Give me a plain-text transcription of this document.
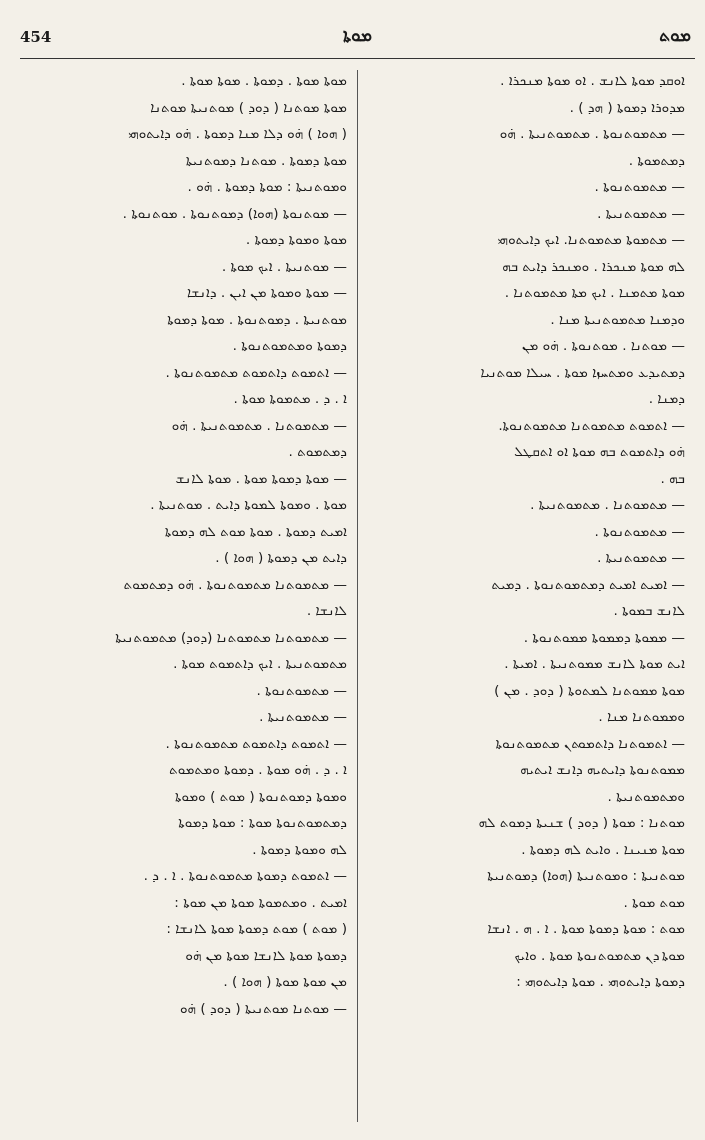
454	ܡܘܬܐ	ܡܘܬ
ܐܘܩܕ ܡܘܬܐ ܠܐܢܫ . ܐܘ ܡܘܬܐ ܡܢܟܪܐ .
ܡܕܘܪܐ ܕܡܘܬܐ ( ܗܕ ) .
— ܡܬܡܘܬܢܘܬܐ . ܡܬܡܘܬܢܝܬܐ . ܗ̇ܘ
ܕܡܬܡܘܬܐ .
— ܡܬܡܘܬܢܘܬܐ .
— ܡܬܡܘܬܢܝܬܐ .
— ܡܬܡܘܬܐ ܡܬܡܘܬܢܐ. ܐܝܟ ܕܐܝܬܘܗܝ
ܠܗ ܡܘܬܐ ܡܢܟܪܐ . ܘܡܢܟܪ ܕܐܝܬ ܒܗ
ܡܘܬܐ ܡܬܡܢܐ . ܐܝܟ ܡܬܐ ܡܬܡܘܬܢܐ .
ܘܕܡܢܐ ܡܬܡܘܬܢܝܬܐ ܡܢܐ .
— ܡܘܬܢܐ . ܡܘܬܢܘܬܐ . ܗ̇ܘ ܡܢ
ܕܡܬܝܕܥ ܘܡܬܚܙܐ ܡܘܬܐ . ܚܝܠܐ ܡܘܬܢܝܐ
ܕܡܢܐ .
— ܐܬܡܘܬ ܡܬܡܘܬܢܐ ܡܬܡܘܬܢܘܬܐ.
ܗ̇ܘ ܕܐܬܡܘܬ ܒܗ ܡܘܬܐ ܐܘ ܐܬܩܛܠ
ܒܗ .
— ܡܬܡܘܬܢܐ . ܡܬܡܘܬܢܝܬܐ .
— ܡܬܡܘܬܢܘܬܐ .
— ܡܬܡܘܬܢܝܬܐ .
— ܐܡܝܬ ܐܡܝܬ ܕܡܬܡܘܬܢܘܬܐ . ܕܡܝܬ
ܠܐܢܫ ܒܡܘܬܐ .
— ܡܡܘܬܐ ܕܡܡܘܬܐ ܡܡܘܬܢܘܬܐ .
ܐܝܬ ܡܘܬܐ ܠܐܢܫ ܡܡܘܬܢܝܬܐ . ܐܡܝܬܐ .
ܡܘܬܐ ܡܡܘܬܢܐ ܠܡܬܘܬܐ ( ܕܘܕ . ܡܢ )
ܘܡܡܘܬܢܐ ܡܢܐ .
— ܐܬܡܘܬܢܐ ܕܐܬܡܘܬܢ ܡܬܡܘܬܢܘܬܐ
ܡܡܘܬܢܘܬܐ ܕܐܝܬܝܗ ܕܐܢܫ ܐܝܬܝܗ
ܘܡܬܡܘܬܢܝܬܐ .
ܡܘܬܢܐ : ܡܘܬܐ ( ܕܘܕ ) ܫܢܝܬܐ ܕܡܘܬ ܠܗ
ܡܘܬܐ ܡܢܝܢܐ . ܘܐܝܬ ܠܗ ܕܡܘܬܐ .
ܡܘܬܢܝܬܐ : ܘܡܘܬܢܝܬܐ (ܗܘܐ) ܕܡܘܬܢܝܬܐ
ܡܘܬ ܡܘܬܐ .
ܡܘܬ : ܡܘܬܐ ܕܡܘܬܐ ܡܘܬܐ . ܐ . ܗ . ܐܢܫܐ
ܡܘܬܐ ܕܢ ܡܬܡܘܬܢܘܬܐ ܡܘܬܐ . ܘܐܝܟ
ܕܡܘܬܐ ܕܐܝܬܘܗܝ . ܡܘܬܐ ܕܐܝܬܘܗܝ :
ܡܘܬܐ ܡܘܬܐ . ܕܡܘܬܐ . ܡܘܬܐ ܡܘܬܐ .
ܡܘܬܐ ܡܘܬܢܐ ( ܕܘܕ ) ܡܘܬܢܝܬܐ ܡܘܬܢܐ
( ܗܘܐ ) ܗ̇ܘ ܕܠܐ ܡܢܐ ܕܡܘܬܐ . ܗ̇ܘ ܕܐܝܬܘܗܝ
ܡܘܬܐ ܕܡܘܬܐ . ܡܘܬܢܐ ܕܡܘܬܢܝܬܐ
ܘܡܘܬܢܝܬܐ : ܡܘܬܐ ܕܡܘܬܐ . ܗ̇ܘ .
— ܡܘܬܢܘܬܐ (ܗܘܐ) ܕܡܘܬܢܘܬܐ . ܡܘܬܢܘܬܐ .
ܡܘܬܐ ܘܡܘܬܐ ܕܡܘܬܐ .
— ܡܘܬܢܝܬܐ . ܐܝܟ ܡܘܬܐ .
— ܡܘܬܐ ܘܡܘܬܐ ܡܢ ܐܝܢ . ܕܐܢܫܐ
ܡܘܬܢܝܬܐ . ܕܡܘܬܢܘܬܐ . ܡܘܬܐ ܕܡܘܬܐ
ܕܡܘܬܐ ܘܡܬܡܘܬܢܘܬܐ .
— ܐܬܡܘܬ ܕܐܬܡܘܬ ܡܬܡܘܬܢܘܬܐ .
ܐ . ܕ . ܡܬܡܘܬܐ ܡܘܬܐ .
— ܡܬܡܘܬܢܐ . ܡܬܡܘܬܢܝܬܐ . ܗ̇ܘ
ܕܡܬܡܘܬ .
— ܡܘܬܐ ܕܡܘܬܐ ܡܘܬܐ . ܡܘܬܐ ܠܐܢܫ
ܡܘܬܐ . ܘܡܘܬܐ ܠܡܘܬܐ ܕܐܝܬ . ܡܘܬܢܝܬܐ .
ܐܡܝܬ ܕܡܘܬܐ . ܡܘܬܐ ܡܘܬ ܠܗ ܕܡܘܬܐ
ܕܐܝܬ ܡܢ ܕܡܘܬܐ ( ܗܘܐ ) .
— ܡܬܡܘܬܢܐ ܡܬܡܘܬܢܘܬܐ . ܗ̇ܘ ܕܡܬܡܘܬ
ܠܐܢܫܐ .
— ܡܬܡܘܬܢܐ ܡܬܡܘܬܢܐ (ܕܘܕ) ܡܬܡܘܬܢܝܬܐ
ܡܬܡܘܬܢܝܬܐ . ܐܝܟ ܕܐܬܡܘܬ ܡܘܬܐ .
— ܡܬܡܘܬܢܘܬܐ .
— ܡܬܡܘܬܢܝܬܐ .
— ܐܬܡܘܬ ܕܐܬܡܘܬ ܡܬܡܘܬܢܘܬܐ .
ܐ . ܕ . ܗ̇ܘ ܡܘܬܐ . ܕܡܘܬܐ ܘܡܬܡܘܬ
ܘܡܘܬܐ ܕܡܘܬܢܘܬܐ ( ܡܘܬ ) ܘܡܘܬܐ
ܕܡܬܡܘܬܢܘܬܐ ܡܘܬܐ : ܡܘܬܐ ܕܡܘܬܐ
ܠܗ ܘܡܘܬܐ ܕܡܘܬܐ .
— ܐܬܡܘܬ ܕܡܘܬܐ ܡܬܡܘܬܢܘܬܐ . ܐ . ܕ .
ܐܡܝܬ . ܘܡܬܡܘܬܐ ܡܘܬܐ ܡܢ ܡܘܬܐ :
( ܡܘܬ ) ܡܘܬ ܕܡܘܬܐ ܡܘܬܐ ܠܐܢܫܐ :
ܕܡܘܬܐ ܡܘܬܐ ܠܐܢܫܐ ܡܘܬܐ ܡܢ ܗ̇ܘ
ܡܢ ܡܘܬܐ ܡܘܬܐ ( ܗܘܐ ) .
— ܡܘܬܢܐ ܡܘܬܢܝܬܐ ( ܕܘܕ ) ܗ̇ܘ
